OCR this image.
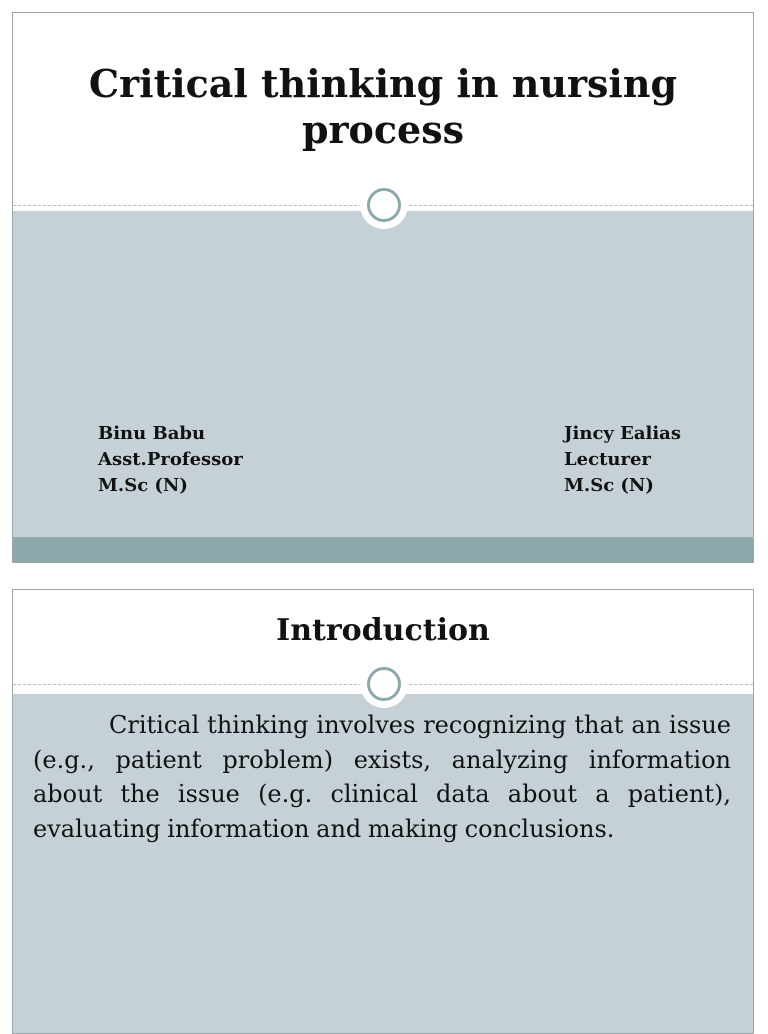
Critical thinking in nursing process
Binu Babu
Asst.Professor
M.Sc (N)
Jincy Ealias
Lecturer
M.Sc (N)
Introduction

Critical thinking involves recognizing that an issue (e.g., patient problem) exists, analyzing information about the issue (e.g. clinical data about a patient), evaluating information and making conclusions.
